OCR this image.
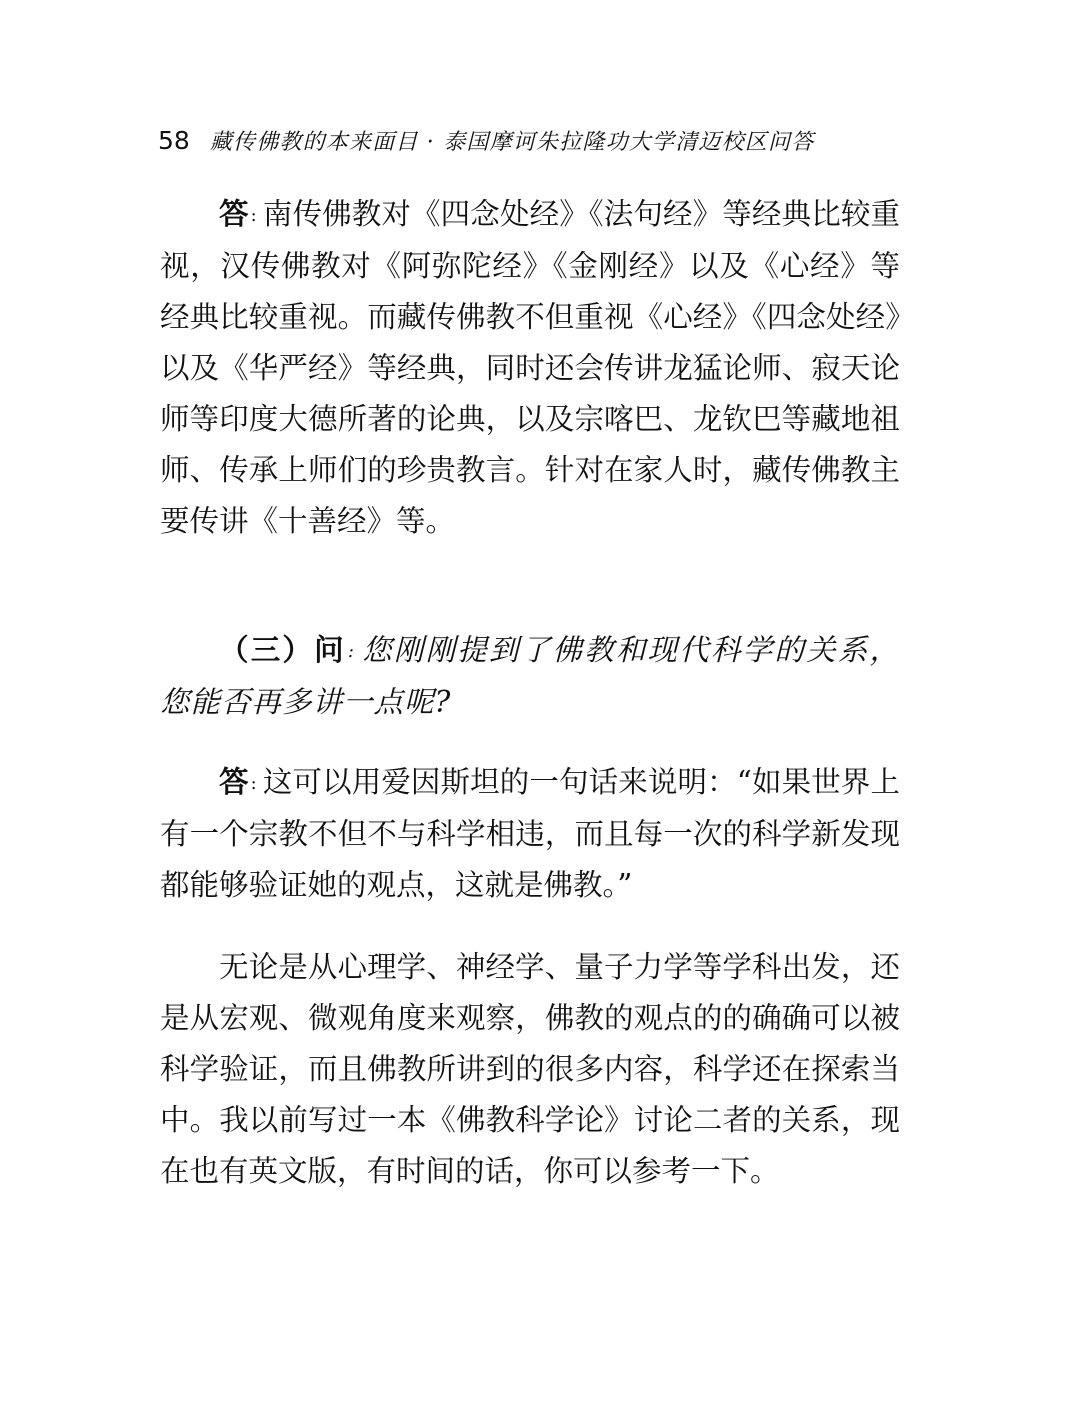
58 藏传佛教的本来面目 · 泰国摩诃朱拉隆功大学清迈校区问答
答 : 南传佛教对《四念处经》《法句经》等经典比较重视，汉传佛教对《阿弥陀经》《金刚经》以及《心经》等经典比较重视。而藏传佛教不但重视《心经》《四念处经》以及《华严经》等经典，同时还会传讲龙猛论师、寂天论师等印度大德所著的论典，以及宗喀巴、龙钦巴等藏地祖师、传承上师们的珍贵教言。针对在家人时，藏传佛教主要传讲《十善经》等。
（三）问 : 您刚刚提到了佛教和现代科学的关系，您能否再多讲一点呢?
答 : 这可以用爱因斯坦的一句话来说明：“如果世界上有一个宗教不但不与科学相违，而且每一次的科学新发现都能够验证她的观点，这就是佛教。”
无论是从心理学、神经学、量子力学等学科出发，还是从宏观、微观角度来观察，佛教的观点的的确确可以被科学验证，而且佛教所讲到的很多内容，科学还在探索当中。我以前写过一本《佛教科学论》讨论二者的关系，现在也有英文版，有时间的话，你可以参考一下。
